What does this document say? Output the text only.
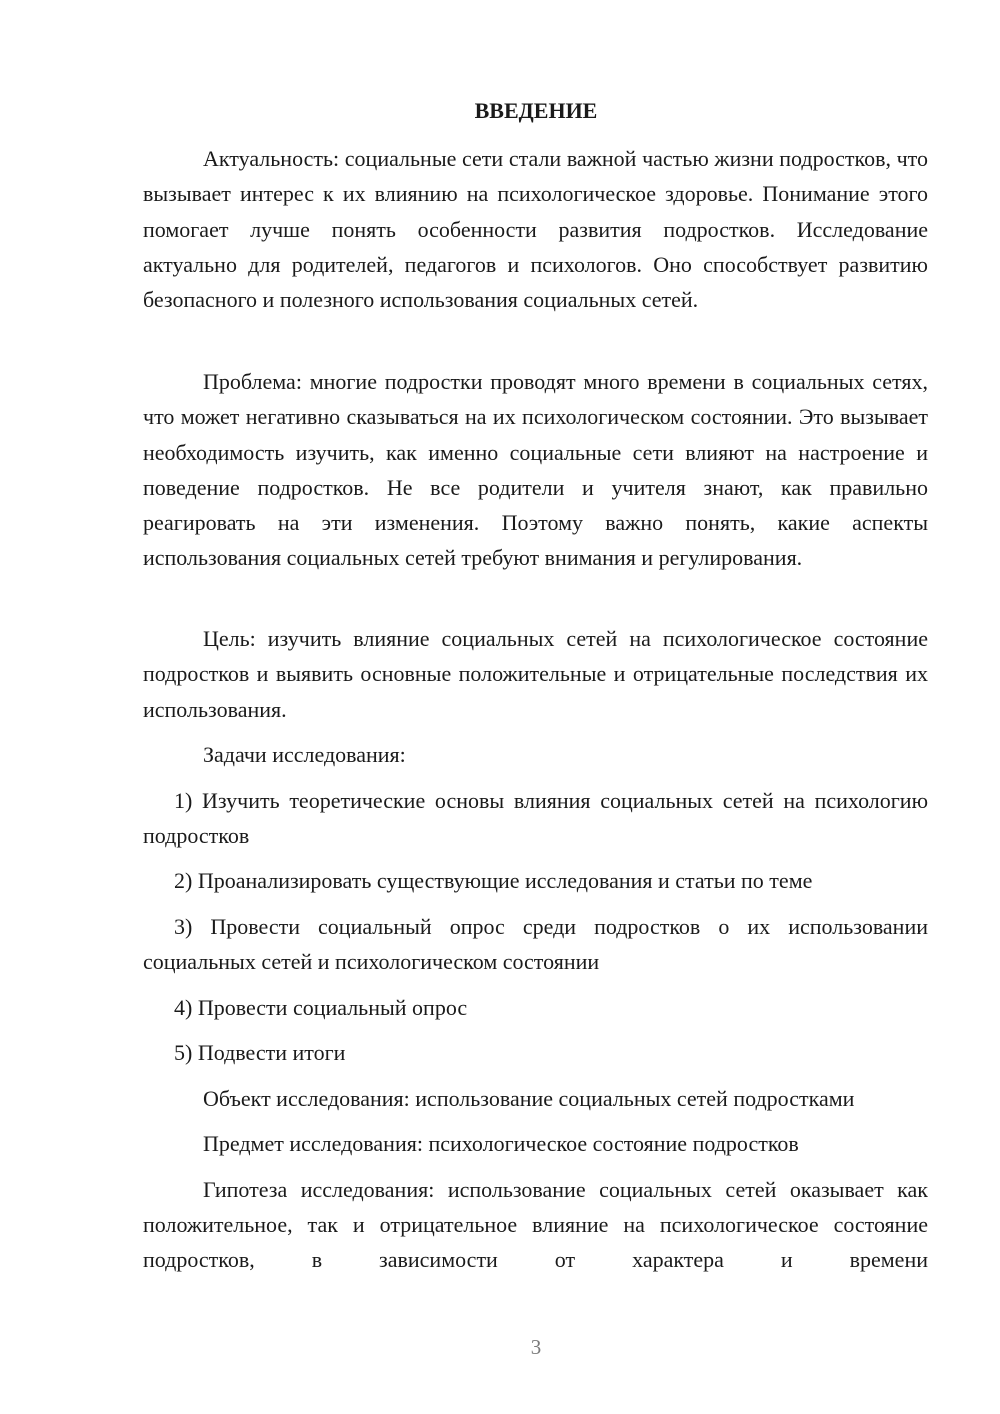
ВВЕДЕНИЕ

Актуальность: социальные сети стали важной частью жизни подростков, что вызывает интерес к их влиянию на психологическое здоровье. Понимание этого помогает лучше понять особенности развития подростков. Исследование актуально для родителей, педагогов и психологов. Оно способствует развитию безопасного и полезного использования социальных сетей.

Проблема: многие подростки проводят много времени в социальных сетях, что может негативно сказываться на их психологическом состоянии. Это вызывает необходимость изучить, как именно социальные сети влияют на настроение и поведение подростков. Не все родители и учителя знают, как правильно реагировать на эти изменения. Поэтому важно понять, какие аспекты использования социальных сетей требуют внимания и регулирования.

Цель: изучить влияние социальных сетей на психологическое состояние подростков и выявить основные положительные и отрицательные последствия их использования.

Задачи исследования:

1) Изучить теоретические основы влияния социальных сетей на психологию подростков

2) Проанализировать существующие исследования и статьи по теме

3) Провести социальный опрос среди подростков о их использовании социальных сетей и психологическом состоянии

4) Провести социальный опрос

5) Подвести итоги

Объект исследования: использование социальных сетей подростками

Предмет исследования: психологическое состояние подростков

Гипотеза исследования: использование социальных сетей оказывает как положительное, так и отрицательное влияние на психологическое состояние подростков, в зависимости от характера и времени

3
